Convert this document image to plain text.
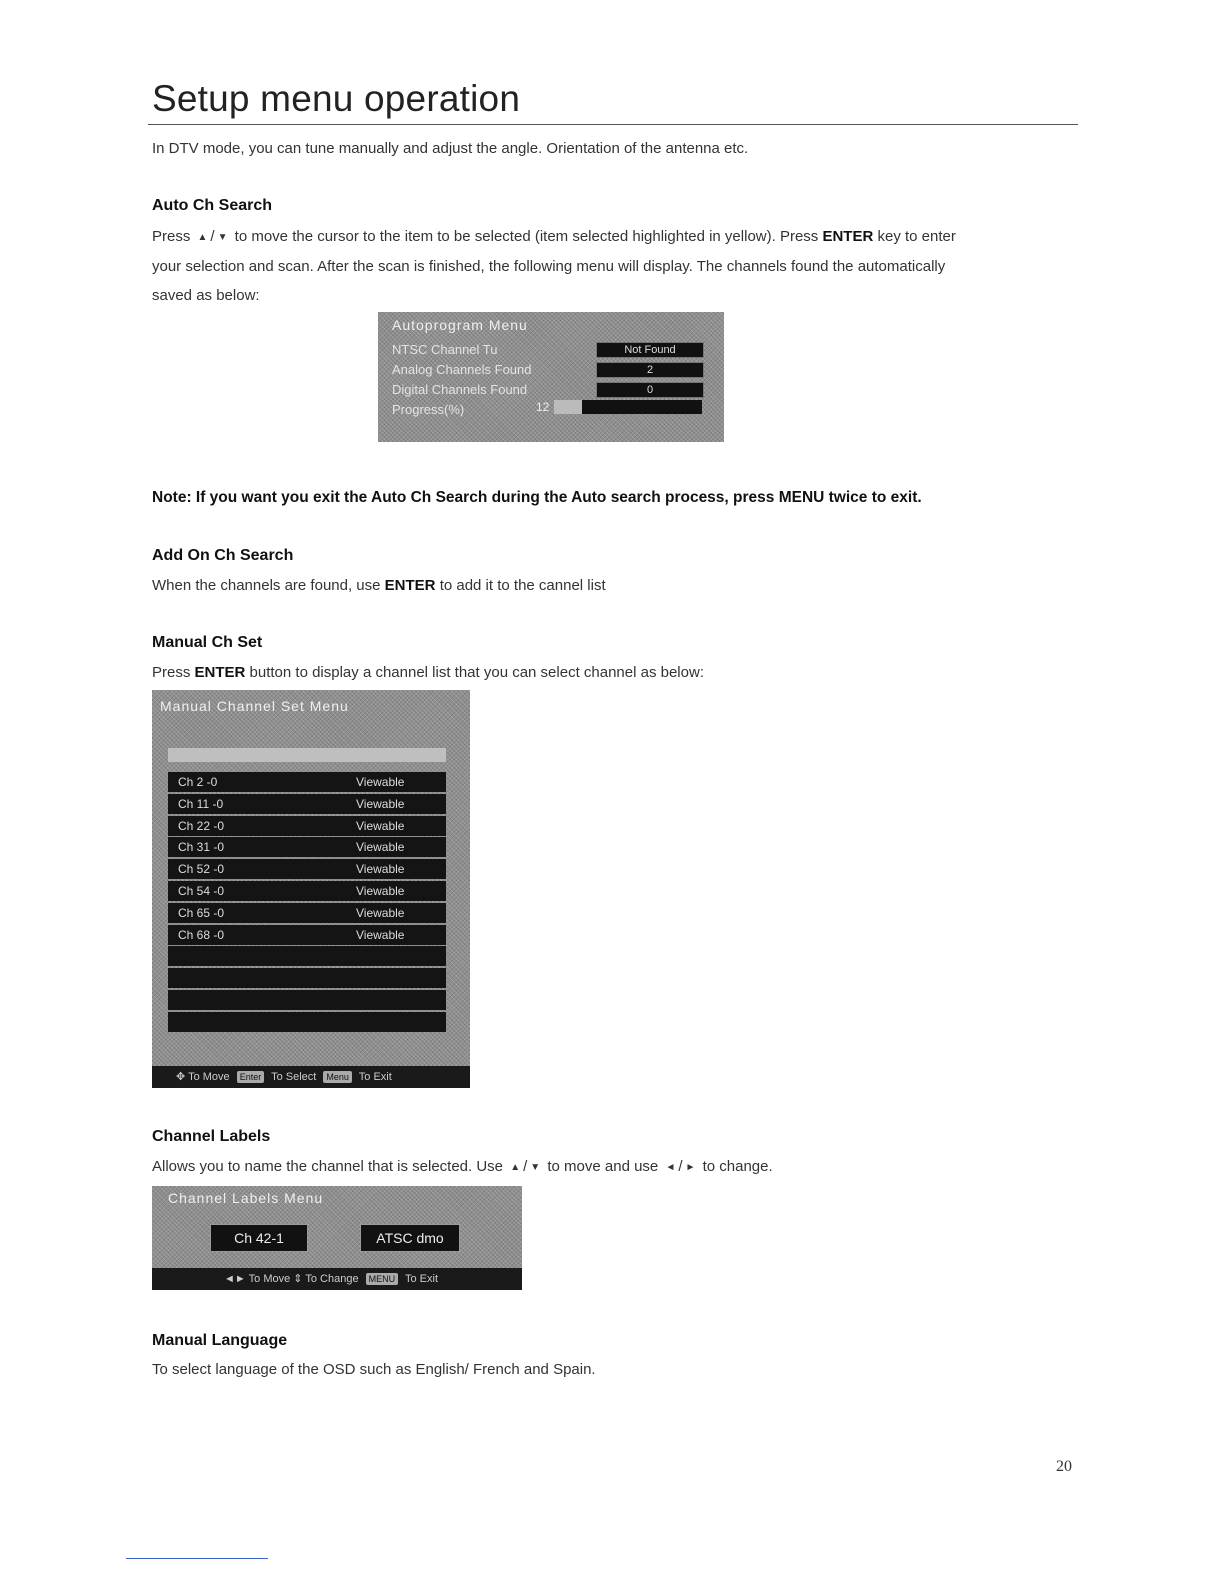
Setup menu operation
In DTV mode, you can tune manually and adjust the angle. Orientation of the antenna etc.
Auto Ch Search
Press ▲ / ▼ to move the cursor to the item to be selected (item selected highlighted in yellow). Press ENTER key to enter
your selection and scan. After the scan is finished, the following menu will display. The channels found the automatically
saved as below:
Autoprogram Menu
NTSC Channel Tu	Not Found
Analog Channels Found	2
Digital Channels Found	0
Progress(%)	12
Note: If you want you exit the Auto Ch Search during the Auto search process, press MENU twice to exit.
Add On Ch Search
When the channels are found, use ENTER to add it to the cannel list
Manual Ch Set
Press ENTER button to display a channel list that you can select channel as below:
Manual Channel Set Menu
Ch 2 -0	Viewable
Ch 11 -0	Viewable
Ch 22 -0	Viewable
Ch 31 -0	Viewable
Ch 52 -0	Viewable
Ch 54 -0	Viewable
Ch 65 -0	Viewable
Ch 68 -0	Viewable
✥ To Move Enter To Select Menu To Exit
Channel Labels
Allows you to name the channel that is selected. Use ▲ / ▼ to move and use ◄ / ► to change.
Channel Labels Menu
Ch 42-1	ATSC dmo
◄► To Move ⇕ To Change MENU To Exit
Manual Language
To select language of the OSD such as English/ French and Spain.
20
